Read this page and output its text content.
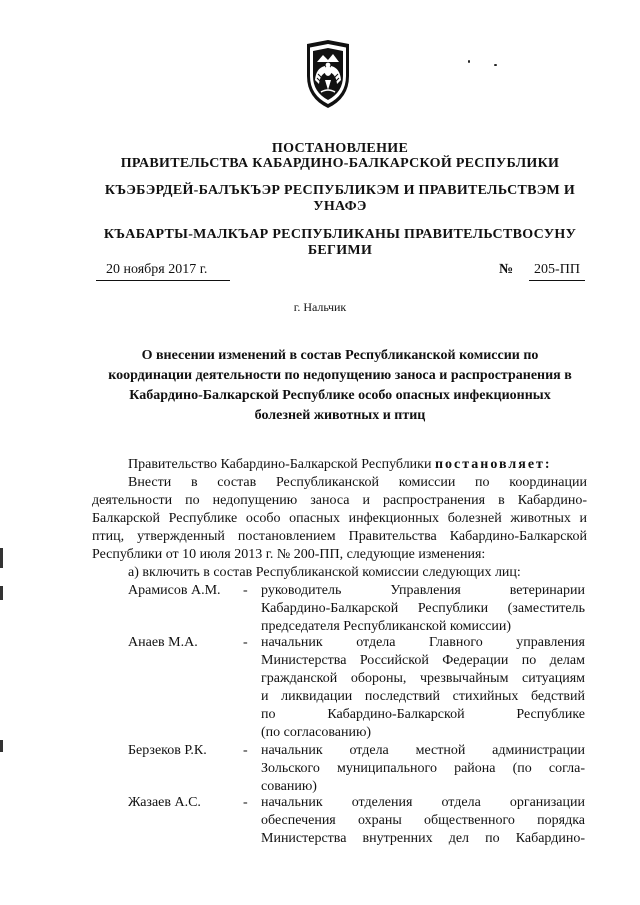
ПОСТАНОВЛЕНИЕ
ПРАВИТЕЛЬСТВА КАБАРДИНО-БАЛКАРСКОЙ РЕСПУБЛИКИ
КЪЭБЭРДЕЙ-БАЛЪКЪЭР РЕСПУБЛИКЭМ И ПРАВИТЕЛЬСТВЭМ И
УНАФЭ
КЪАБАРТЫ-МАЛКЪАР РЕСПУБЛИКАНЫ ПРАВИТЕЛЬСТВОСУНУ
БЕГИМИ
20 ноября 2017 г.	№	205-ПП
г. Нальчик
О внесении изменений в состав Республиканской комиссии по
координации деятельности по недопущению заноса и распространения в
Кабардино-Балкарской Республике особо опасных инфекционных
болезней животных и птиц
Правительство Кабардино-Балкарской Республики постановляет:
Внести в состав Республиканской комиссии по координации
деятельности по недопущению заноса и распространения в Кабардино-
Балкарской Республике особо опасных инфекционных болезней животных и
птиц, утвержденный постановлением Правительства Кабардино-Балкарской
Республики от 10 июля 2013 г. № 200-ПП, следующие изменения:
а) включить в состав Республиканской комиссии следующих лиц:
Арамисов А.М. - руководитель Управления ветеринарии
Кабардино-Балкарской Республики (заместитель
председателя Республиканской комиссии)
Анаев М.А.	- начальник отдела Главного управления
Министерства Российской Федерации по делам
гражданской обороны, чрезвычайным ситуациям
и ликвидации последствий стихийных бедствий
по Кабардино-Балкарской Республике
(по согласованию)
Берзеков Р.К.	- начальник отдела местной администрации
Зольского муниципального района (по согла-
сованию)
Жазаев А.С.	- начальник отделения отдела организации
обеспечения охраны общественного порядка
Министерства внутренних дел по Кабардино-
